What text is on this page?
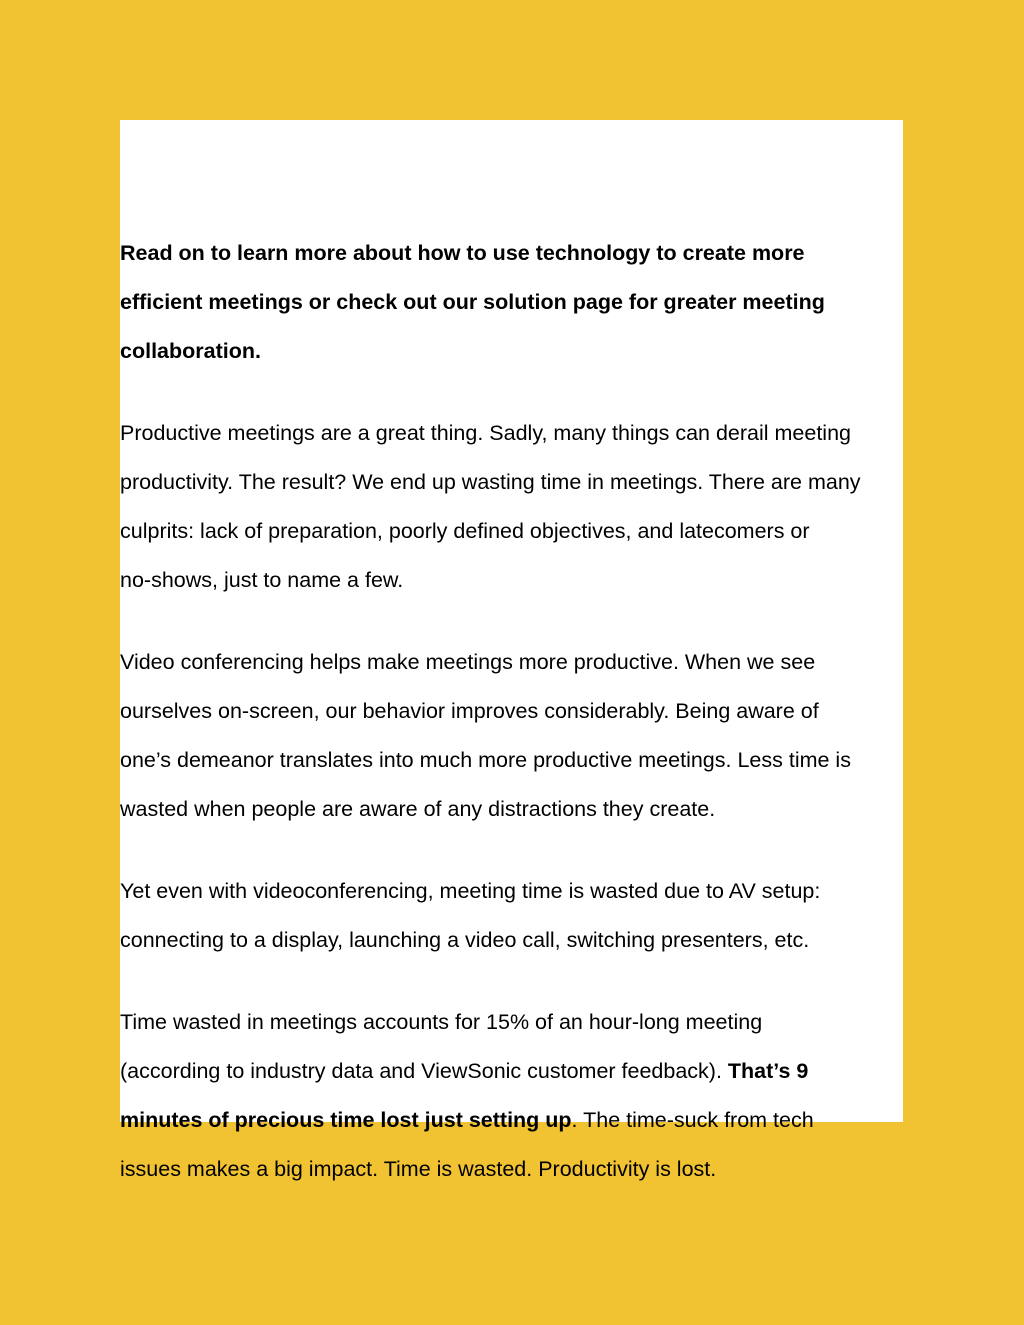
Read on to learn more about how to use technology to create more
efficient meetings or check out our solution page for greater meeting
collaboration.

Productive meetings are a great thing. Sadly, many things can derail meeting
productivity. The result? We end up wasting time in meetings. There are many
culprits: lack of preparation, poorly defined objectives, and latecomers or
no-shows, just to name a few.

Video conferencing helps make meetings more productive. When we see
ourselves on-screen, our behavior improves considerably. Being aware of
one’s demeanor translates into much more productive meetings. Less time is
wasted when people are aware of any distractions they create.

Yet even with videoconferencing, meeting time is wasted due to AV setup:
connecting to a display, launching a video call, switching presenters, etc.

Time wasted in meetings accounts for 15% of an hour-long meeting
(according to industry data and ViewSonic customer feedback). That’s 9
minutes of precious time lost just setting up. The time-suck from tech
issues makes a big impact. Time is wasted. Productivity is lost.
